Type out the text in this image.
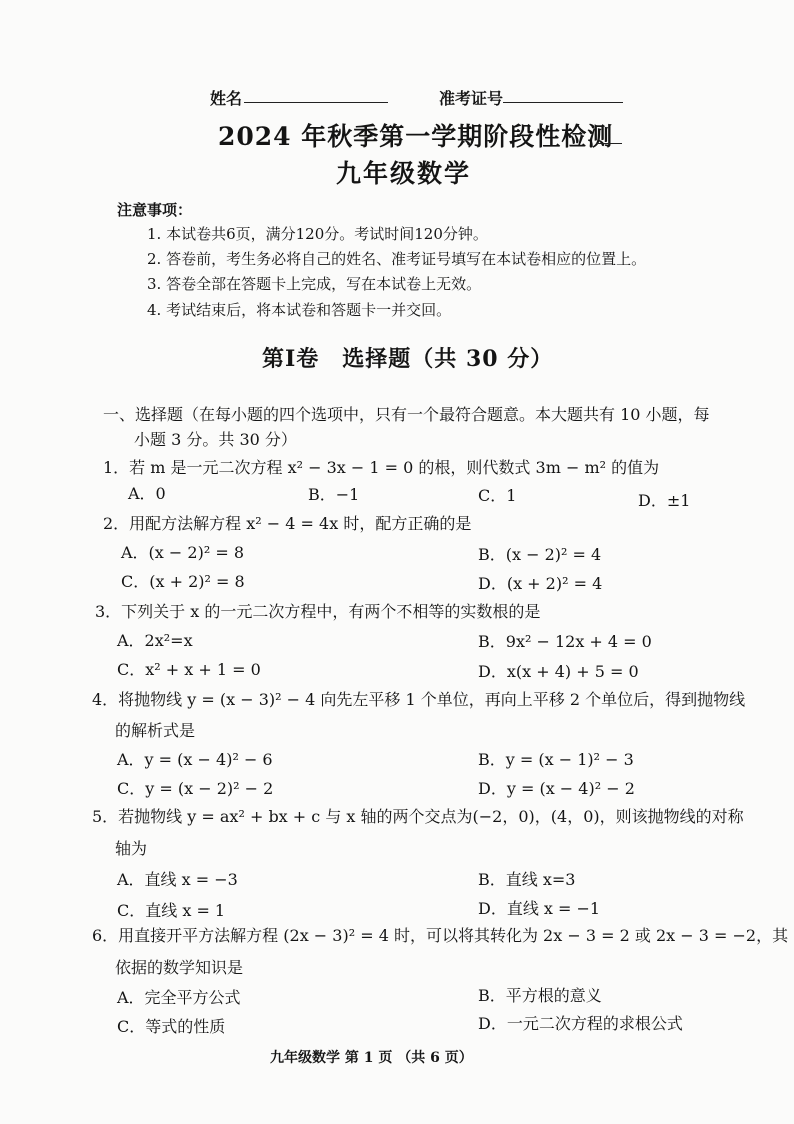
姓名	准考证号
2024 年秋季第一学期阶段性检测
九年级数学
注意事项：
1. 本试卷共6页，满分120分。考试时间120分钟。
2. 答卷前，考生务必将自己的姓名、准考证号填写在本试卷相应的位置上。
3. 答卷全部在答题卡上完成，写在本试卷上无效。
4. 考试结束后，将本试卷和答题卡一并交回。
第Ⅰ卷　选择题（共 30 分）
一、选择题（在每小题的四个选项中，只有一个最符合题意。本大题共有 10 小题，每
小题 3 分。共 30 分）
1．若 m 是一元二次方程 x² − 3x − 1 = 0 的根，则代数式 3m − m² 的值为
A．0	B．−1	C．1	D．±1
2．用配方法解方程 x² − 4 = 4x 时，配方正确的是
A．(x − 2)² = 8	B．(x − 2)² = 4
C．(x + 2)² = 8	D．(x + 2)² = 4
3．下列关于 x 的一元二次方程中，有两个不相等的实数根的是
A．2x²=x	B．9x² − 12x + 4 = 0
C．x² + x + 1 = 0	D．x(x + 4) + 5 = 0
4．将抛物线 y = (x − 3)² − 4 向先左平移 1 个单位，再向上平移 2 个单位后，得到抛物线
的解析式是
A．y = (x − 4)² − 6	B．y = (x − 1)² − 3
C．y = (x − 2)² − 2	D．y = (x − 4)² − 2
5．若抛物线 y = ax² + bx + c 与 x 轴的两个交点为(−2，0)，(4，0)，则该抛物线的对称
轴为
A．直线 x = −3	B．直线 x=3
C．直线 x = 1	D．直线 x = −1
6．用直接开平方法解方程 (2x − 3)² = 4 时，可以将其转化为 2x − 3 = 2 或 2x − 3 = −2，其
依据的数学知识是
A．完全平方公式	B．平方根的意义
C．等式的性质	D．一元二次方程的求根公式
九年级数学 第 1 页 （共 6 页）
